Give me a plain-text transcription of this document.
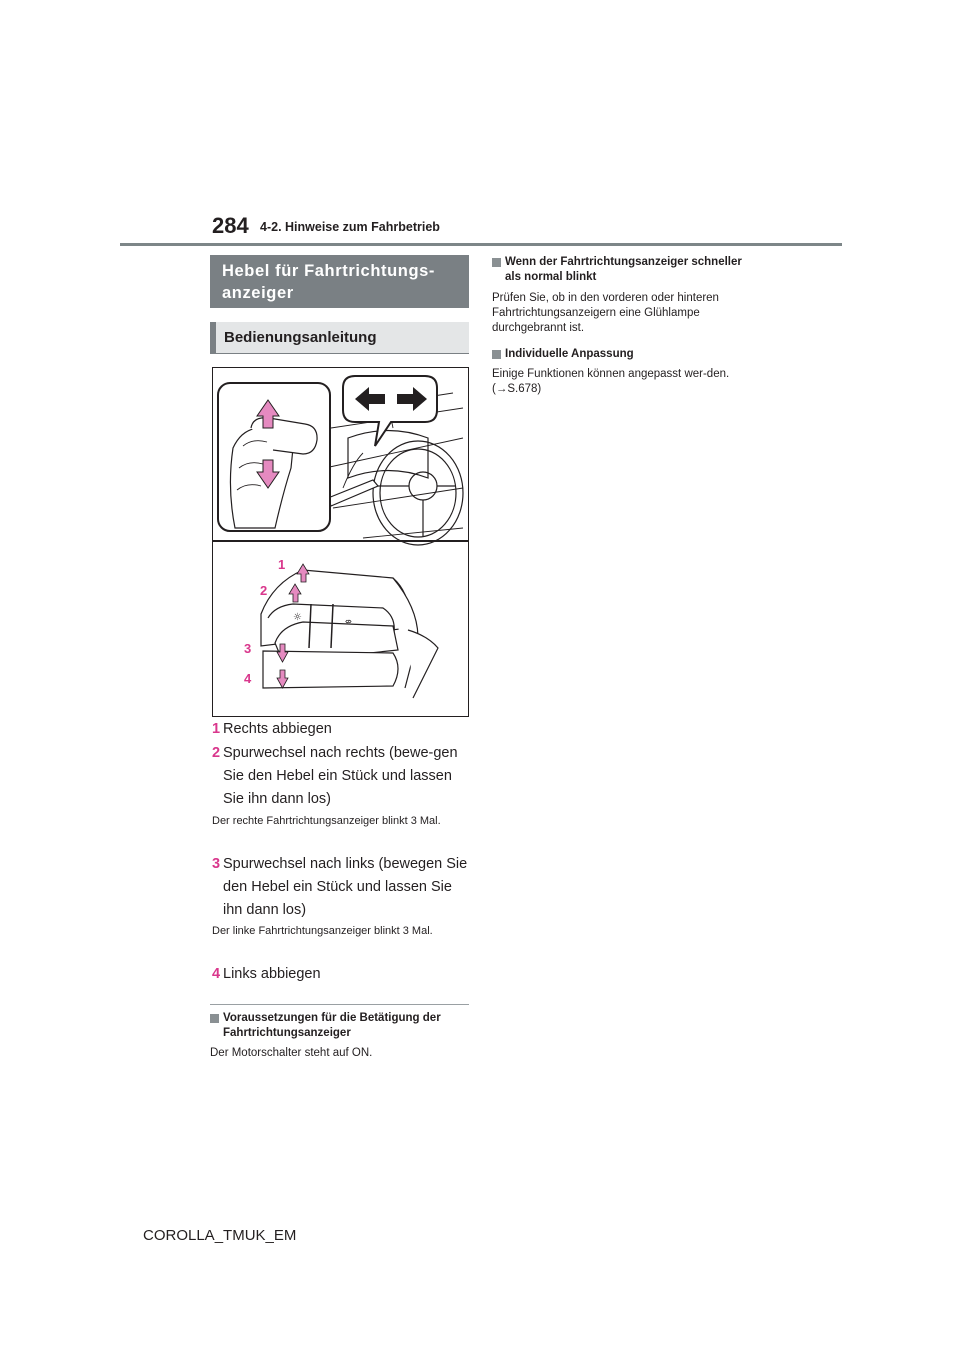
284 4-2. Hinweise zum Fahrbetrieb
Hebel für Fahrtrichtungs-anzeiger
Bedienungsanleitung
☼	⇎
1
2
3
4
1 Rechts abbiegen
2 Spurwechsel nach rechts (bewe-gen Sie den Hebel ein Stück und lassen Sie ihn dann los)
Der rechte Fahrtrichtungsanzeiger blinkt 3 Mal.
3 Spurwechsel nach links (bewegen Sie den Hebel ein Stück und lassen Sie ihn dann los)
Der linke Fahrtrichtungsanzeiger blinkt 3 Mal.
4 Links abbiegen
Voraussetzungen für die Betätigung der Fahrtrichtungsanzeiger
Der Motorschalter steht auf ON.
Wenn der Fahrtrichtungsanzeiger schneller als normal blinkt
Prüfen Sie, ob in den vorderen oder hinteren Fahrtrichtungsanzeigern eine Glühlampe durchgebrannt ist.
Individuelle Anpassung
Einige Funktionen können angepasst wer-den. (→S.678)
COROLLA_TMUK_EM
